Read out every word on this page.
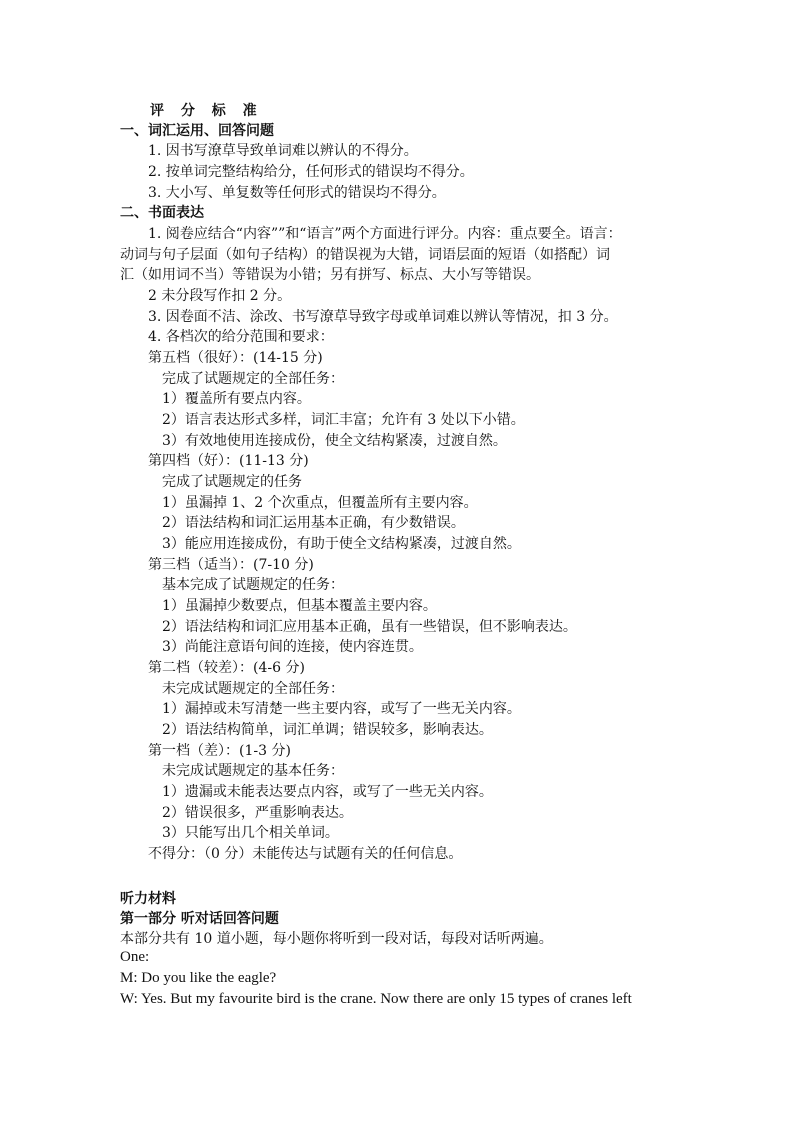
评 分 标 准
一、词汇运用、回答问题
1. 因书写潦草导致单词难以辨认的不得分。
2. 按单词完整结构给分，任何形式的错误均不得分。
3. 大小写、单复数等任何形式的错误均不得分。
二、书面表达
1. 阅卷应结合“内容””和“语言”两个方面进行评分。内容：重点要全。语言：
动词与句子层面（如句子结构）的错误视为大错，词语层面的短语（如搭配）词
汇（如用词不当）等错误为小错；另有拼写、标点、大小写等错误。
2 未分段写作扣 2 分。
3. 因卷面不洁、涂改、书写潦草导致字母或单词难以辨认等情况，扣 3 分。
4. 各档次的给分范围和要求：
第五档（很好）：(14-15 分)
完成了试题规定的全部任务：
1）覆盖所有要点内容。
2）语言表达形式多样，词汇丰富；允许有 3 处以下小错。
3）有效地使用连接成份，使全文结构紧凑，过渡自然。
第四档（好）：(11-13 分)
完成了试题规定的任务
1）虽漏掉 1、2 个次重点，但覆盖所有主要内容。
2）语法结构和词汇运用基本正确，有少数错误。
3）能应用连接成份，有助于使全文结构紧凑，过渡自然。
第三档（适当）：(7-10 分)
基本完成了试题规定的任务：
1）虽漏掉少数要点，但基本覆盖主要内容。
2）语法结构和词汇应用基本正确，虽有一些错误，但不影响表达。
3）尚能注意语句间的连接，使内容连贯。
第二档（较差）：(4-6 分)
未完成试题规定的全部任务：
1）漏掉或未写清楚一些主要内容，或写了一些无关内容。
2）语法结构简单，词汇单调；错误较多，影响表达。
第一档（差）：(1-3 分)
未完成试题规定的基本任务：
1）遗漏或未能表达要点内容，或写了一些无关内容。
2）错误很多，严重影响表达。
3）只能写出几个相关单词。
不得分：（0 分）未能传达与试题有关的任何信息。
听力材料
第一部分 听对话回答问题
本部分共有 10 道小题，每小题你将听到一段对话，每段对话听两遍。
One:
M: Do you like the eagle?
W: Yes. But my favourite bird is the crane. Now there are only 15 types of cranes left
